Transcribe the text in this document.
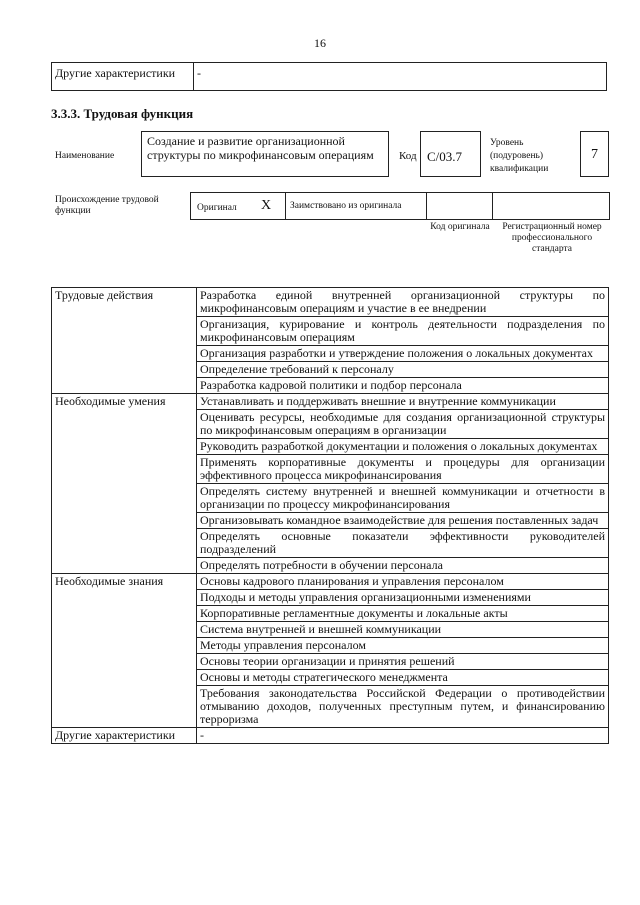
16
Другие характеристики	-
3.3.3. Трудовая функция
Наименование
Создание и развитие организационной структуры по микрофинансовым операциям	Код С/03.7
Уровень (подуровень) квалификации
7
Происхождение трудовой функции	Оригинал Х	Заимствовано из оригинала
Код оригинала	Регистрационный номер профессионального стандарта
Трудовые действия	Разработка единой внутренней организационной структуры по микрофинансовым операциям и участие в ее внедрении
	Организация, курирование и контроль деятельности подразделения по микрофинансовым операциям
	Организация разработки и утверждение положения о локальных документах
	Определение требований к персоналу
	Разработка кадровой политики и подбор персонала
Необходимые умения	Устанавливать и поддерживать внешние и внутренние коммуникации
	Оценивать ресурсы, необходимые для создания организационной структуры по микрофинансовым операциям в организации
	Руководить разработкой документации и положения о локальных документах
	Применять корпоративные документы и процедуры для организации эффективного процесса микрофинансирования
	Определять систему внутренней и внешней коммуникации и отчетности в организации по процессу микрофинансирования
	Организовывать командное взаимодействие для решения поставленных задач
	Определять основные показатели эффективности руководителей подразделений
	Определять потребности в обучении персонала
Необходимые знания	Основы кадрового планирования и управления персоналом
	Подходы и методы управления организационными изменениями
	Корпоративные регламентные документы и локальные акты
	Система внутренней и внешней коммуникации
	Методы управления персоналом
	Основы теории организации и принятия решений
	Основы и методы стратегического менеджмента
	Требования законодательства Российской Федерации о противодействии отмыванию доходов, полученных преступным путем, и финансированию терроризма
Другие характеристики	-
